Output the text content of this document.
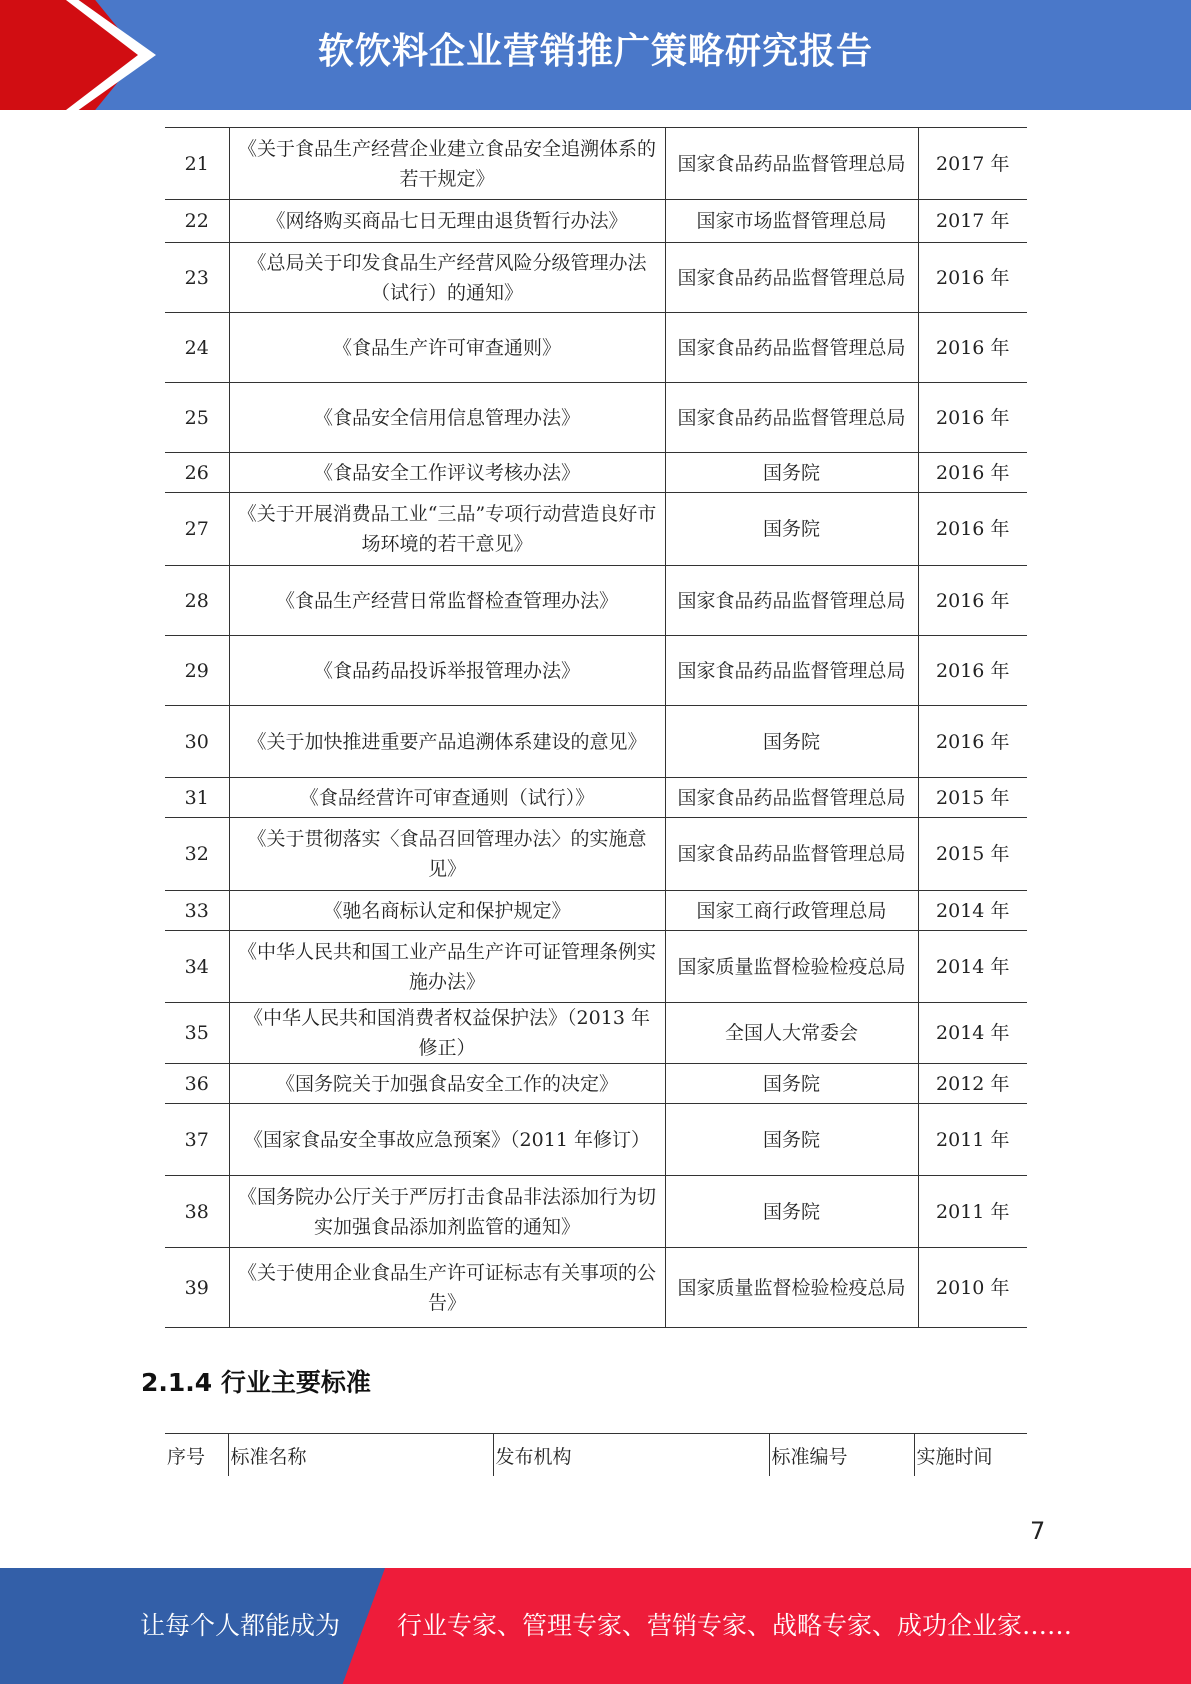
软饮料企业营销推广策略研究报告
21	《关于食品生产经营企业建立食品安全追溯体系的若干规定》	国家食品药品监督管理总局	2017 年
22	《网络购买商品七日无理由退货暂行办法》	国家市场监督管理总局	2017 年
23	《总局关于印发食品生产经营风险分级管理办法（试行）的通知》	国家食品药品监督管理总局	2016 年
24	《食品生产许可审查通则》	国家食品药品监督管理总局	2016 年
25	《食品安全信用信息管理办法》	国家食品药品监督管理总局	2016 年
26	《食品安全工作评议考核办法》	国务院	2016 年
27	《关于开展消费品工业“三品”专项行动营造良好市场环境的若干意见》	国务院	2016 年
28	《食品生产经营日常监督检查管理办法》	国家食品药品监督管理总局	2016 年
29	《食品药品投诉举报管理办法》	国家食品药品监督管理总局	2016 年
30	《关于加快推进重要产品追溯体系建设的意见》	国务院	2016 年
31	《食品经营许可审查通则（试行）》	国家食品药品监督管理总局	2015 年
32	《关于贯彻落实〈食品召回管理办法〉的实施意见》	国家食品药品监督管理总局	2015 年
33	《驰名商标认定和保护规定》	国家工商行政管理总局	2014 年
34	《中华人民共和国工业产品生产许可证管理条例实施办法》	国家质量监督检验检疫总局	2014 年
35	《中华人民共和国消费者权益保护法》（2013 年修正）	全国人大常委会	2014 年
36	《国务院关于加强食品安全工作的决定》	国务院	2012 年
37	《国家食品安全事故应急预案》（2011 年修订）	国务院	2011 年
38	《国务院办公厅关于严厉打击食品非法添加行为切实加强食品添加剂监管的通知》	国务院	2011 年
39	《关于使用企业食品生产许可证标志有关事项的公告》	国家质量监督检验检疫总局	2010 年
2.1.4 行业主要标准
序号	标准名称	发布机构	标准编号	实施时间
7
让每个人都能成为 行业专家、管理专家、营销专家、战略专家、成功企业家……
